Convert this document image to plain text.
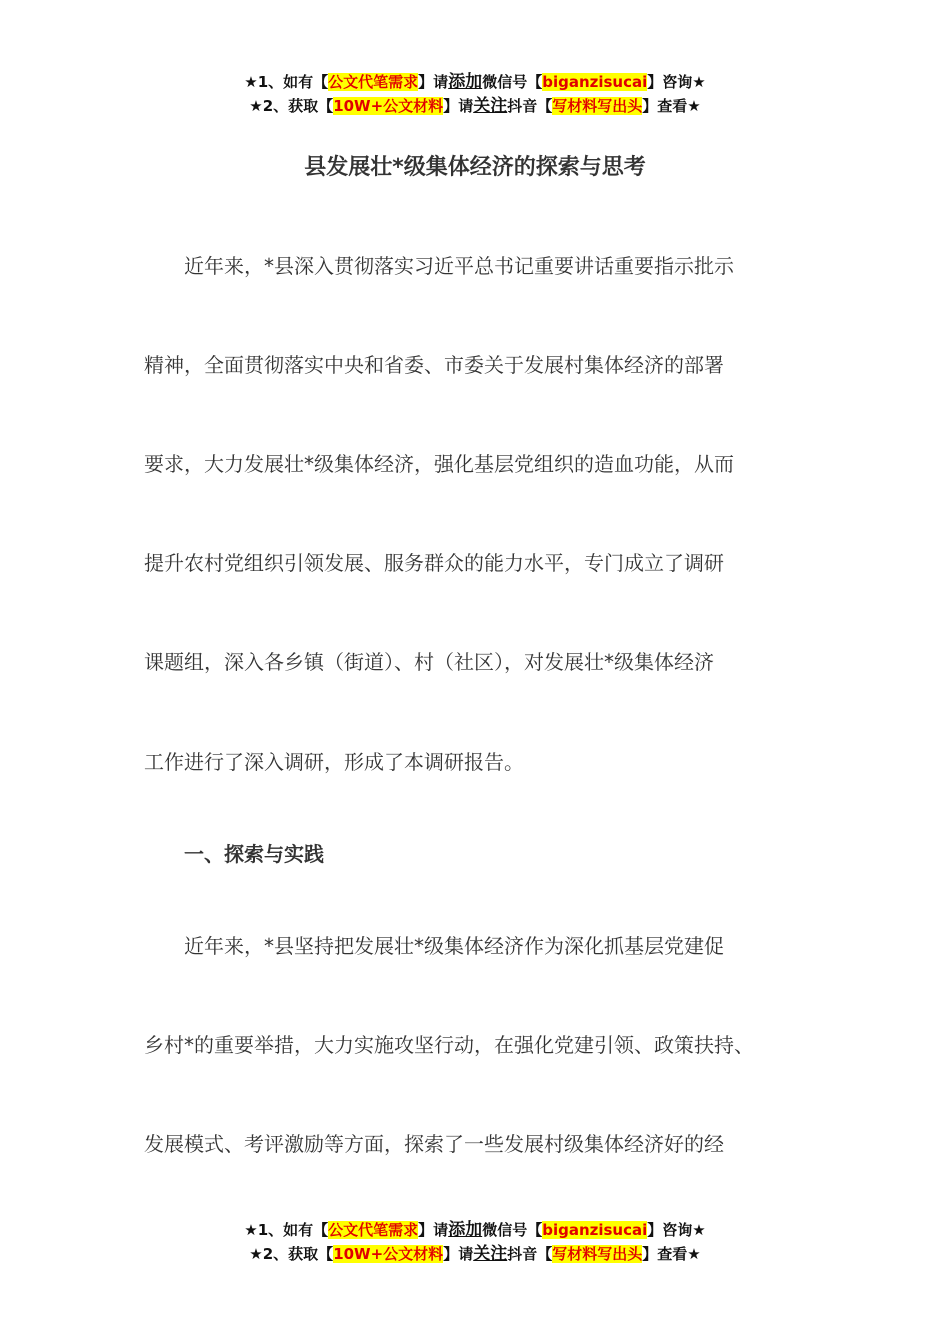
★1、如有【公文代笔需求】请添加微信号【biganzisucai】咨询★
★2、获取【10W+公文材料】请关注抖音【写材料写出头】查看★
县发展壮*级集体经济的探索与思考
近年来，*县深入贯彻落实习近平总书记重要讲话重要指示批示
精神，全面贯彻落实中央和省委、市委关于发展村集体经济的部署
要求，大力发展壮*级集体经济，强化基层党组织的造血功能，从而
提升农村党组织引领发展、服务群众的能力水平，专门成立了调研
课题组，深入各乡镇（街道）、村（社区），对发展壮*级集体经济
工作进行了深入调研，形成了本调研报告。
一、探索与实践
近年来，*县坚持把发展壮*级集体经济作为深化抓基层党建促
乡村*的重要举措，大力实施攻坚行动，在强化党建引领、政策扶持、
发展模式、考评激励等方面，探索了一些发展村级集体经济好的经
★1、如有【公文代笔需求】请添加微信号【biganzisucai】咨询★
★2、获取【10W+公文材料】请关注抖音【写材料写出头】查看★
